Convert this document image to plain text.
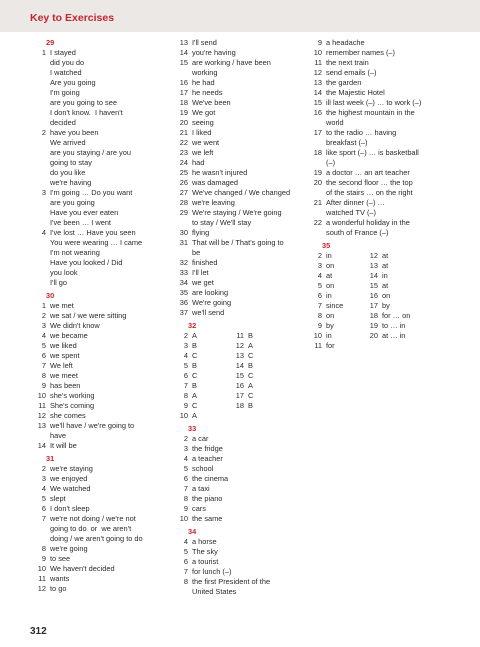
Key to Exercises
29
1 I stayed
did you do
I watched
Are you going
I'm going
are you going to see
I don't know.  I haven't
decided
2 have you been
We arrived
are you staying / are you
going to stay
do you like
we're having
3 I'm going … Do you want
are you going
Have you ever eaten
I've been … I went
4 I've lost … Have you seen
You were wearing … I came
I'm not wearing
Have you looked / Did
you look
I'll go
30
1 we met
2 we sat / we were sitting
3 We didn't know
4 we became
5 we liked
6 we spent
7 We left
8 we meet
9 has been
10 she's working
11 She's coming
12 she comes
13 we'll have / we're going to
have
14 It will be
31
2 we're staying
3 we enjoyed
4 We watched
5 slept
6 I don't sleep
7 we're not doing / we're not
going to do  or  we aren't
doing / we aren't going to do
8 we're going
9 to see
10 We haven't decided
11 wants
12 to go
13 I'll send
14 you're having
15 are working / have been
working
16 he had
17 he needs
18 We've been
19 We got
20 seeing
21 I liked
22 we went
23 we left
24 had
25 he wasn't injured
26 was damaged
27 We've changed / We changed
28 we're leaving
29 We're staying / We're going
to stay / We'll stay
30 flying
31 That will be / That's going to
be
32 finished
33 I'll let
34 we get
35 are looking
36 We're going
37 we'll send
32
2 A
3 B
4 C
5 B
6 C
7 B
8 A
9 C
10 A
11 B
12 A
13 C
14 B
15 C
16 A
17 C
18 B
33
2 a car
3 the fridge
4 a teacher
5 school
6 the cinema
7 a taxi
8 the piano
9 cars
10 the same
34
4 a horse
5 The sky
6 a tourist
7 for lunch (–)
8 the first President of the
United States
9 a headache
10 remember names (–)
11 the next train
12 send emails (–)
13 the garden
14 the Majestic Hotel
15 ill last week (–) … to work (–)
16 the highest mountain in the
world
17 to the radio … having
breakfast (–)
18 like sport (–) … is basketball
(–)
19 a doctor … an art teacher
20 the second floor … the top
of the stairs … on the right
21 After dinner (–) …
watched TV (–)
22 a wonderful holiday in the
south of France (–)
35
2 in
3 on
4 at
5 on
6 in
7 since
8 on
9 by
10 in
11 for
12 at
13 at
14 in
15 at
16 on
17 by
18 for … on
19 to … in
20 at … in
312
